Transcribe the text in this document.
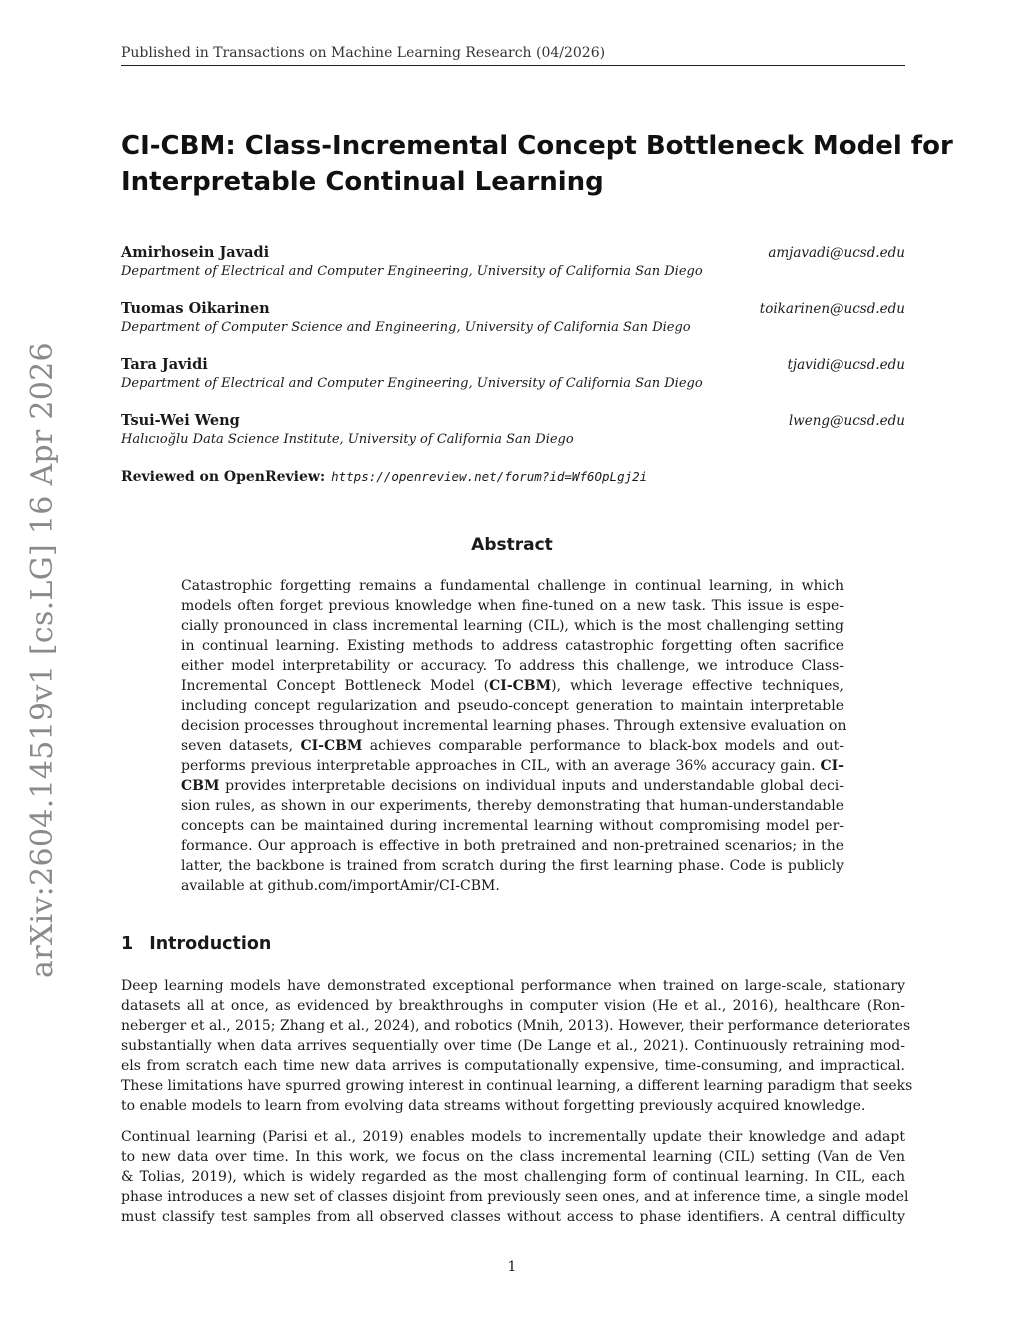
Published in Transactions on Machine Learning Research (04/2026)
CI-CBM: Class-Incremental Concept Bottleneck Model for
Interpretable Continual Learning
Amirhosein Javadi	amjavadi@ucsd.edu
Department of Electrical and Computer Engineering, University of California San Diego
Tuomas Oikarinen	toikarinen@ucsd.edu
Department of Computer Science and Engineering, University of California San Diego
Tara Javidi	tjavidi@ucsd.edu
Department of Electrical and Computer Engineering, University of California San Diego
Tsui-Wei Weng	lweng@ucsd.edu
Halıcıoğlu Data Science Institute, University of California San Diego
Reviewed on OpenReview: https://openreview.net/forum?id=Wf6OpLgj2i
Abstract
Catastrophic forgetting remains a fundamental challenge in continual learning, in which
models often forget previous knowledge when fine-tuned on a new task. This issue is espe-
cially pronounced in class incremental learning (CIL), which is the most challenging setting
in continual learning. Existing methods to address catastrophic forgetting often sacrifice
either model interpretability or accuracy. To address this challenge, we introduce Class-
Incremental Concept Bottleneck Model (CI-CBM), which leverage effective techniques,
including concept regularization and pseudo-concept generation to maintain interpretable
decision processes throughout incremental learning phases. Through extensive evaluation on
seven datasets, CI-CBM achieves comparable performance to black-box models and out-
performs previous interpretable approaches in CIL, with an average 36% accuracy gain. CI-
CBM provides interpretable decisions on individual inputs and understandable global deci-
sion rules, as shown in our experiments, thereby demonstrating that human-understandable
concepts can be maintained during incremental learning without compromising model per-
formance. Our approach is effective in both pretrained and non-pretrained scenarios; in the
latter, the backbone is trained from scratch during the first learning phase. Code is publicly
available at github.com/importAmir/CI-CBM.
1 Introduction
Deep learning models have demonstrated exceptional performance when trained on large-scale, stationary
datasets all at once, as evidenced by breakthroughs in computer vision (He et al., 2016), healthcare (Ron-
neberger et al., 2015; Zhang et al., 2024), and robotics (Mnih, 2013). However, their performance deteriorates
substantially when data arrives sequentially over time (De Lange et al., 2021). Continuously retraining mod-
els from scratch each time new data arrives is computationally expensive, time-consuming, and impractical.
These limitations have spurred growing interest in continual learning, a different learning paradigm that seeks
to enable models to learn from evolving data streams without forgetting previously acquired knowledge.
Continual learning (Parisi et al., 2019) enables models to incrementally update their knowledge and adapt
to new data over time. In this work, we focus on the class incremental learning (CIL) setting (Van de Ven
& Tolias, 2019), which is widely regarded as the most challenging form of continual learning. In CIL, each
phase introduces a new set of classes disjoint from previously seen ones, and at inference time, a single model
must classify test samples from all observed classes without access to phase identifiers. A central difficulty
1
arXiv:2604.14519v1 [cs.LG] 16 Apr 2026
